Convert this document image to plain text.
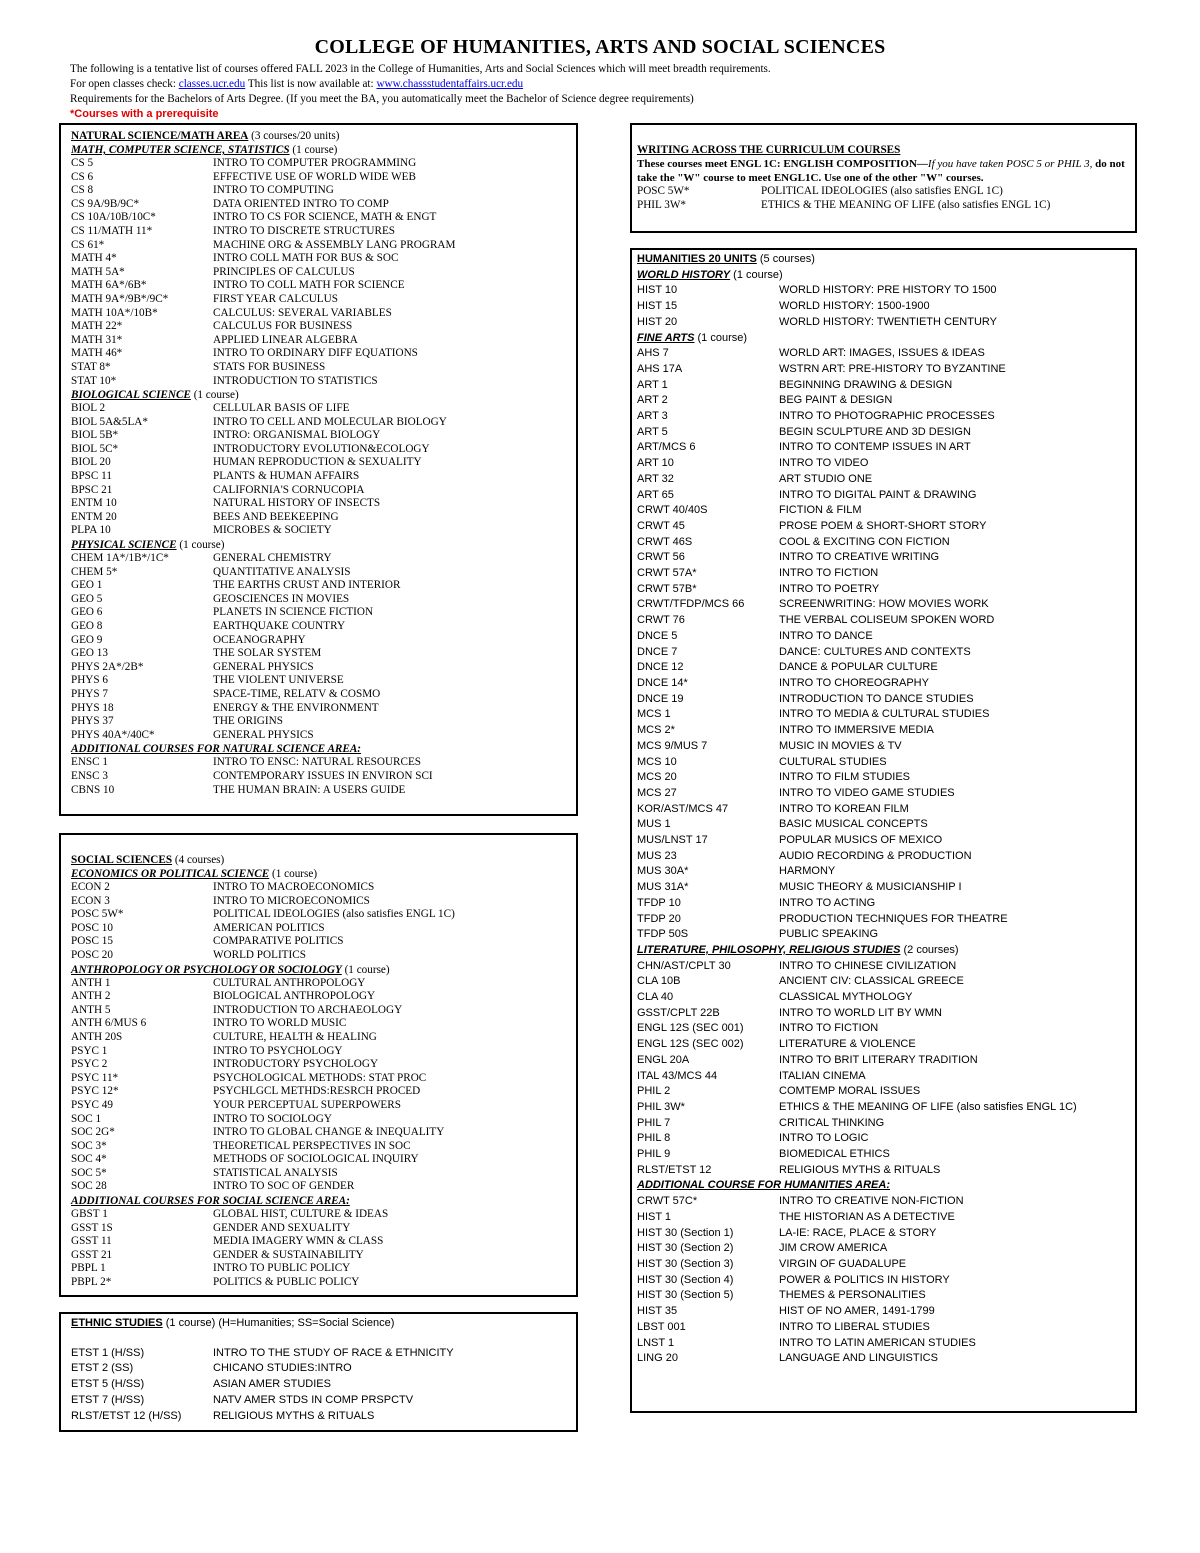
COLLEGE OF HUMANITIES, ARTS AND SOCIAL SCIENCES
The following is a tentative list of courses offered FALL 2023 in the College of Humanities, Arts and Social Sciences which will meet breadth requirements.
For open classes check: classes.ucr.edu This list is now available at: www.chassstudentaffairs.ucr.edu
Requirements for the Bachelors of Arts Degree. (If you meet the BA, you automatically meet the Bachelor of Science degree requirements)
*Courses with a prerequisite
NATURAL SCIENCE/MATH AREA (3 courses/20 units)
MATH, COMPUTER SCIENCE, STATISTICS (1 course)
CS 5	INTRO TO COMPUTER PROGRAMMING
CS 6	EFFECTIVE USE OF WORLD WIDE WEB
CS 8	INTRO TO COMPUTING
CS 9A/9B/9C*	DATA ORIENTED INTRO TO COMP
CS 10A/10B/10C*	INTRO TO CS FOR SCIENCE, MATH & ENGT
CS 11/MATH 11*	INTRO TO DISCRETE STRUCTURES
CS 61*	MACHINE ORG & ASSEMBLY LANG PROGRAM
MATH 4*	INTRO COLL MATH FOR BUS & SOC
MATH 5A*	PRINCIPLES OF CALCULUS
MATH 6A*/6B*	INTRO TO COLL MATH FOR SCIENCE
MATH 9A*/9B*/9C*	FIRST YEAR CALCULUS
MATH 10A*/10B*	CALCULUS: SEVERAL VARIABLES
MATH 22*	CALCULUS FOR BUSINESS
MATH 31*	APPLIED LINEAR ALGEBRA
MATH 46*	INTRO TO ORDINARY DIFF EQUATIONS
STAT 8*	STATS FOR BUSINESS
STAT 10*	INTRODUCTION TO STATISTICS
BIOLOGICAL SCIENCE (1 course)
BIOL 2	CELLULAR BASIS OF LIFE
BIOL 5A&5LA*	INTRO TO CELL AND MOLECULAR BIOLOGY
BIOL 5B*	INTRO: ORGANISMAL BIOLOGY
BIOL 5C*	INTRODUCTORY EVOLUTION&ECOLOGY
BIOL 20	HUMAN REPRODUCTION & SEXUALITY
BPSC 11	PLANTS & HUMAN AFFAIRS
BPSC 21	CALIFORNIA'S CORNUCOPIA
ENTM 10	NATURAL HISTORY OF INSECTS
ENTM 20	BEES AND BEEKEEPING
PLPA 10	MICROBES & SOCIETY
PHYSICAL SCIENCE (1 course)
CHEM 1A*/1B*/1C*	GENERAL CHEMISTRY
CHEM 5*	QUANTITATIVE ANALYSIS
GEO 1	THE EARTHS CRUST AND INTERIOR
GEO 5	GEOSCIENCES IN MOVIES
GEO 6	PLANETS IN SCIENCE FICTION
GEO 8	EARTHQUAKE COUNTRY
GEO 9	OCEANOGRAPHY
GEO 13	THE SOLAR SYSTEM
PHYS 2A*/2B*	GENERAL PHYSICS
PHYS 6	THE VIOLENT UNIVERSE
PHYS 7	SPACE-TIME, RELATV & COSMO
PHYS 18	ENERGY & THE ENVIRONMENT
PHYS 37	THE ORIGINS
PHYS 40A*/40C*	GENERAL PHYSICS
ADDITIONAL COURSES FOR NATURAL SCIENCE AREA:
ENSC 1	INTRO TO ENSC: NATURAL RESOURCES
ENSC 3	CONTEMPORARY ISSUES IN ENVIRON SCI
CBNS 10	THE HUMAN BRAIN: A USERS GUIDE
SOCIAL SCIENCES (4 courses)
ECONOMICS OR POLITICAL SCIENCE (1 course)
ECON 2	INTRO TO MACROECONOMICS
ECON 3	INTRO TO MICROECONOMICS
POSC 5W*	POLITICAL IDEOLOGIES (also satisfies ENGL 1C)
POSC 10	AMERICAN POLITICS
POSC 15	COMPARATIVE POLITICS
POSC 20	WORLD POLITICS
ANTHROPOLOGY OR PSYCHOLOGY OR SOCIOLOGY (1 course)
ANTH 1	CULTURAL ANTHROPOLOGY
ANTH 2	BIOLOGICAL ANTHROPOLOGY
ANTH 5	INTRODUCTION TO ARCHAEOLOGY
ANTH 6/MUS 6	INTRO TO WORLD MUSIC
ANTH 20S	CULTURE, HEALTH & HEALING
PSYC 1	INTRO TO PSYCHOLOGY
PSYC 2	INTRODUCTORY PSYCHOLOGY
PSYC 11*	PSYCHOLOGICAL METHODS: STAT PROC
PSYC 12*	PSYCHLGCL METHDS:RESRCH PROCED
PSYC 49	YOUR PERCEPTUAL SUPERPOWERS
SOC 1	INTRO TO SOCIOLOGY
SOC 2G*	INTRO TO GLOBAL CHANGE & INEQUALITY
SOC 3*	THEORETICAL PERSPECTIVES IN SOC
SOC 4*	METHODS OF SOCIOLOGICAL INQUIRY
SOC 5*	STATISTICAL ANALYSIS
SOC 28	INTRO TO SOC OF GENDER
ADDITIONAL COURSES FOR SOCIAL SCIENCE AREA:
GBST 1	GLOBAL HIST, CULTURE & IDEAS
GSST 1S	GENDER AND SEXUALITY
GSST 11	MEDIA IMAGERY WMN & CLASS
GSST 21	GENDER & SUSTAINABILITY
PBPL 1	INTRO TO PUBLIC POLICY
PBPL 2*	POLITICS & PUBLIC POLICY
ETHNIC STUDIES (1 course) (H=Humanities; SS=Social Science)
ETST 1 (H/SS)	INTRO TO THE STUDY OF RACE & ETHNICITY
ETST 2 (SS)	CHICANO STUDIES:INTRO
ETST 5 (H/SS)	ASIAN AMER STUDIES
ETST 7 (H/SS)	NATV AMER STDS IN COMP PRSPCTV
RLST/ETST 12 (H/SS)	RELIGIOUS MYTHS & RITUALS
WRITING ACROSS THE CURRICULUM COURSES
These courses meet ENGL 1C: ENGLISH COMPOSITION—If you have taken POSC 5 or PHIL 3, do not take the "W" course to meet ENGL1C. Use one of the other "W" courses.
POSC 5W*	POLITICAL IDEOLOGIES (also satisfies ENGL 1C)
PHIL 3W*	ETHICS & THE MEANING OF LIFE (also satisfies ENGL 1C)
HUMANITIES 20 UNITS (5 courses)
WORLD HISTORY (1 course)
HIST 10	WORLD HISTORY: PRE HISTORY TO 1500
HIST 15	WORLD HISTORY: 1500-1900
HIST 20	WORLD HISTORY: TWENTIETH CENTURY
FINE ARTS (1 course)
AHS 7	WORLD ART: IMAGES, ISSUES & IDEAS
AHS 17A	WSTRN ART: PRE-HISTORY TO BYZANTINE
ART 1	BEGINNING DRAWING & DESIGN
ART 2	BEG PAINT & DESIGN
ART 3	INTRO TO PHOTOGRAPHIC PROCESSES
ART 5	BEGIN SCULPTURE AND 3D DESIGN
ART/MCS 6	INTRO TO CONTEMP ISSUES IN ART
ART 10	INTRO TO VIDEO
ART 32	ART STUDIO ONE
ART 65	INTRO TO DIGITAL PAINT & DRAWING
CRWT 40/40S	FICTION & FILM
CRWT 45	PROSE POEM & SHORT-SHORT STORY
CRWT 46S	COOL & EXCITING CON FICTION
CRWT 56	INTRO TO CREATIVE WRITING
CRWT 57A*	INTRO TO FICTION
CRWT 57B*	INTRO TO POETRY
CRWT/TFDP/MCS 66	SCREENWRITING: HOW MOVIES WORK
CRWT 76	THE VERBAL COLISEUM SPOKEN WORD
DNCE 5	INTRO TO DANCE
DNCE 7	DANCE: CULTURES AND CONTEXTS
DNCE 12	DANCE & POPULAR CULTURE
DNCE 14*	INTRO TO CHOREOGRAPHY
DNCE 19	INTRODUCTION TO DANCE STUDIES
MCS 1	INTRO TO MEDIA & CULTURAL STUDIES
MCS 2*	INTRO TO IMMERSIVE MEDIA
MCS 9/MUS 7	MUSIC IN MOVIES & TV
MCS 10	CULTURAL STUDIES
MCS 20	INTRO TO FILM STUDIES
MCS 27	INTRO TO VIDEO GAME STUDIES
KOR/AST/MCS 47	INTRO TO KOREAN FILM
MUS 1	BASIC MUSICAL CONCEPTS
MUS/LNST 17	POPULAR MUSICS OF MEXICO
MUS 23	AUDIO RECORDING & PRODUCTION
MUS 30A*	HARMONY
MUS 31A*	MUSIC THEORY & MUSICIANSHIP I
TFDP 10	INTRO TO ACTING
TFDP 20	PRODUCTION TECHNIQUES FOR THEATRE
TFDP 50S	PUBLIC SPEAKING
LITERATURE, PHILOSOPHY, RELIGIOUS STUDIES (2 courses)
CHN/AST/CPLT 30	INTRO TO CHINESE CIVILIZATION
CLA 10B	ANCIENT CIV: CLASSICAL GREECE
CLA 40	CLASSICAL MYTHOLOGY
GSST/CPLT 22B	INTRO TO WORLD LIT BY WMN
ENGL 12S (SEC 001)	INTRO TO FICTION
ENGL 12S (SEC 002)	LITERATURE & VIOLENCE
ENGL 20A	INTRO TO BRIT LITERARY TRADITION
ITAL 43/MCS 44	ITALIAN CINEMA
PHIL 2	COMTEMP MORAL ISSUES
PHIL 3W*	ETHICS & THE MEANING OF LIFE (also satisfies ENGL 1C)
PHIL 7	CRITICAL THINKING
PHIL 8	INTRO TO LOGIC
PHIL 9	BIOMEDICAL ETHICS
RLST/ETST 12	RELIGIOUS MYTHS & RITUALS
ADDITIONAL COURSE FOR HUMANITIES AREA:
CRWT 57C*	INTRO TO CREATIVE NON-FICTION
HIST 1	THE HISTORIAN AS A DETECTIVE
HIST 30 (Section 1)	LA-IE: RACE, PLACE & STORY
HIST 30 (Section 2)	JIM CROW AMERICA
HIST 30 (Section 3)	VIRGIN OF GUADALUPE
HIST 30 (Section 4)	POWER & POLITICS IN HISTORY
HIST 30 (Section 5)	THEMES & PERSONALITIES
HIST 35	HIST OF NO AMER, 1491-1799
LBST 001	INTRO TO LIBERAL STUDIES
LNST 1	INTRO TO LATIN AMERICAN STUDIES
LING 20	LANGUAGE AND LINGUISTICS
